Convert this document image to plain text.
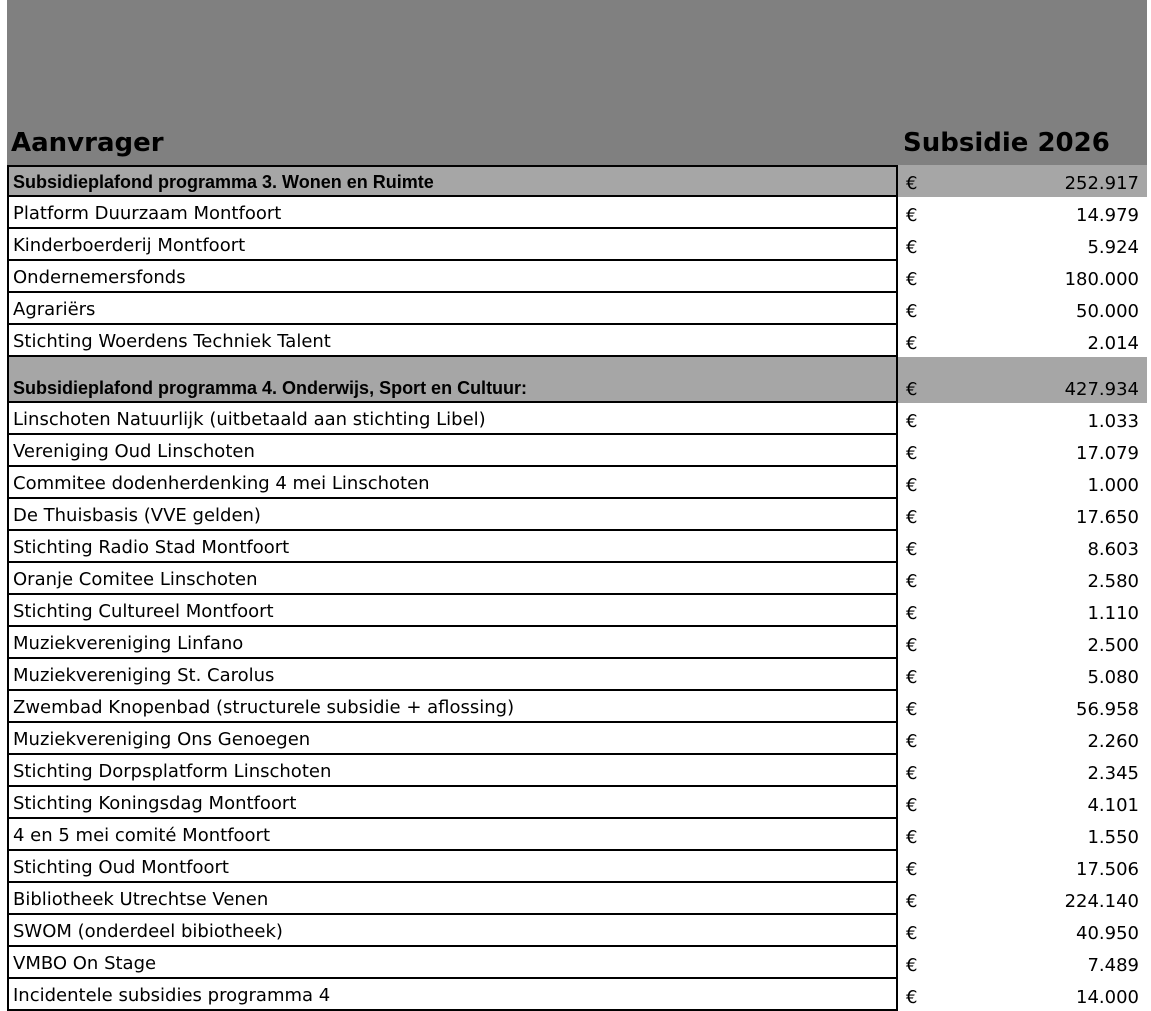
Aanvrager	Subsidie 2026
Subsidieplafond programma 3. Wonen en Ruimte	€	252.917
Platform Duurzaam Montfoort	€	14.979
Kinderboerderij Montfoort	€	5.924
Ondernemersfonds	€	180.000
Agrariërs	€	50.000
Stichting Woerdens Techniek Talent	€	2.014
Subsidieplafond programma 4. Onderwijs, Sport en Cultuur:	€	427.934
Linschoten Natuurlijk (uitbetaald aan stichting Libel)	€	1.033
Vereniging Oud Linschoten	€	17.079
Commitee dodenherdenking 4 mei Linschoten	€	1.000
De Thuisbasis (VVE gelden)	€	17.650
Stichting Radio Stad Montfoort	€	8.603
Oranje Comitee Linschoten	€	2.580
Stichting Cultureel Montfoort	€	1.110
Muziekvereniging Linfano	€	2.500
Muziekvereniging St. Carolus	€	5.080
Zwembad Knopenbad (structurele subsidie + aflossing)	€	56.958
Muziekvereniging Ons Genoegen	€	2.260
Stichting Dorpsplatform Linschoten	€	2.345
Stichting Koningsdag Montfoort	€	4.101
4 en 5 mei comité Montfoort	€	1.550
Stichting Oud Montfoort	€	17.506
Bibliotheek Utrechtse Venen	€	224.140
SWOM (onderdeel bibiotheek)	€	40.950
VMBO On Stage	€	7.489
Incidentele subsidies programma 4	€	14.000
